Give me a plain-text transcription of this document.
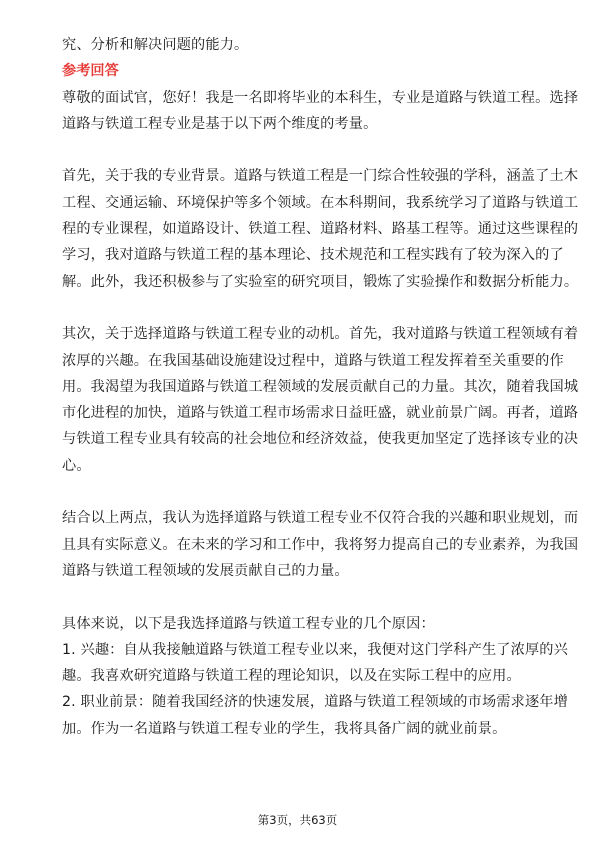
究、分析和解决问题的能力。
参考回答
尊敬的面试官，您好！我是一名即将毕业的本科生，专业是道路与铁道工程。选择
道路与铁道工程专业是基于以下两个维度的考量。
首先，关于我的专业背景。道路与铁道工程是一门综合性较强的学科，涵盖了土木
工程、交通运输、环境保护等多个领域。在本科期间，我系统学习了道路与铁道工
程的专业课程，如道路设计、铁道工程、道路材料、路基工程等。通过这些课程的
学习，我对道路与铁道工程的基本理论、技术规范和工程实践有了较为深入的了
解。此外，我还积极参与了实验室的研究项目，锻炼了实验操作和数据分析能力。
其次，关于选择道路与铁道工程专业的动机。首先，我对道路与铁道工程领域有着
浓厚的兴趣。在我国基础设施建设过程中，道路与铁道工程发挥着至关重要的作
用。我渴望为我国道路与铁道工程领域的发展贡献自己的力量。其次，随着我国城
市化进程的加快，道路与铁道工程市场需求日益旺盛，就业前景广阔。再者，道路
与铁道工程专业具有较高的社会地位和经济效益，使我更加坚定了选择该专业的决
心。
结合以上两点，我认为选择道路与铁道工程专业不仅符合我的兴趣和职业规划，而
且具有实际意义。在未来的学习和工作中，我将努力提高自己的专业素养，为我国
道路与铁道工程领域的发展贡献自己的力量。
具体来说，以下是我选择道路与铁道工程专业的几个原因：
1. 兴趣：自从我接触道路与铁道工程专业以来，我便对这门学科产生了浓厚的兴
趣。我喜欢研究道路与铁道工程的理论知识，以及在实际工程中的应用。
2. 职业前景：随着我国经济的快速发展，道路与铁道工程领域的市场需求逐年增
加。作为一名道路与铁道工程专业的学生，我将具备广阔的就业前景。
第3页，共63页
